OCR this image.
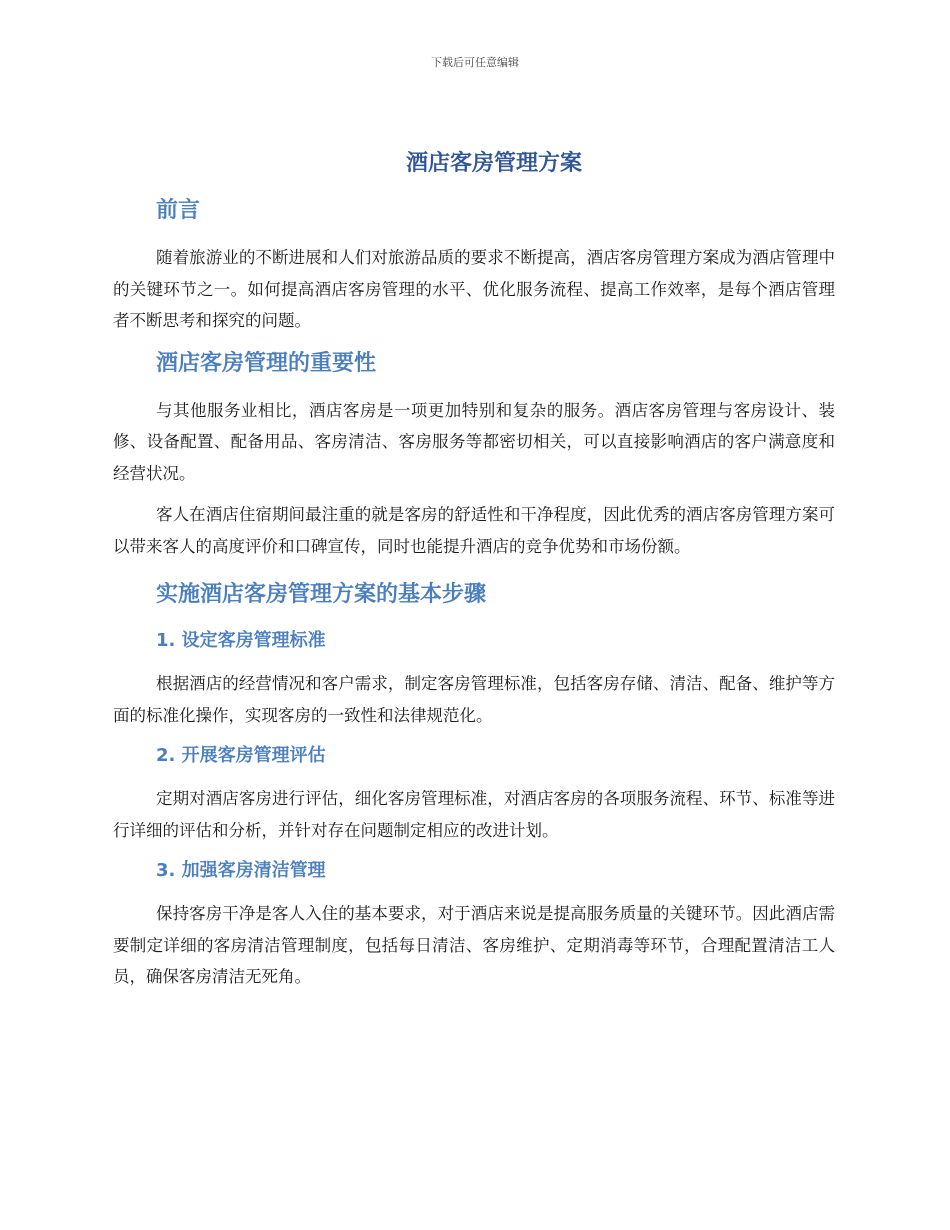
下载后可任意编辑
酒店客房管理方案
前言

随着旅游业的不断进展和人们对旅游品质的要求不断提高，酒店客房管理方案成为酒店管理中的关键环节之一。如何提高酒店客房管理的水平、优化服务流程、提高工作效率，是每个酒店管理者不断思考和探究的问题。

酒店客房管理的重要性

与其他服务业相比，酒店客房是一项更加特别和复杂的服务。酒店客房管理与客房设计、装修、设备配置、配备用品、客房清洁、客房服务等都密切相关，可以直接影响酒店的客户满意度和经营状况。

客人在酒店住宿期间最注重的就是客房的舒适性和干净程度，因此优秀的酒店客房管理方案可以带来客人的高度评价和口碑宣传，同时也能提升酒店的竞争优势和市场份额。

实施酒店客房管理方案的基本步骤
1. 设定客房管理标准

根据酒店的经营情况和客户需求，制定客房管理标准，包括客房存储、清洁、配备、维护等方面的标准化操作，实现客房的一致性和法律规范化。

2. 开展客房管理评估

定期对酒店客房进行评估，细化客房管理标准，对酒店客房的各项服务流程、环节、标准等进行详细的评估和分析，并针对存在问题制定相应的改进计划。

3. 加强客房清洁管理

保持客房干净是客人入住的基本要求，对于酒店来说是提高服务质量的关键环节。因此酒店需要制定详细的客房清洁管理制度，包括每日清洁、客房维护、定期消毒等环节，合理配置清洁工人员，确保客房清洁无死角。
